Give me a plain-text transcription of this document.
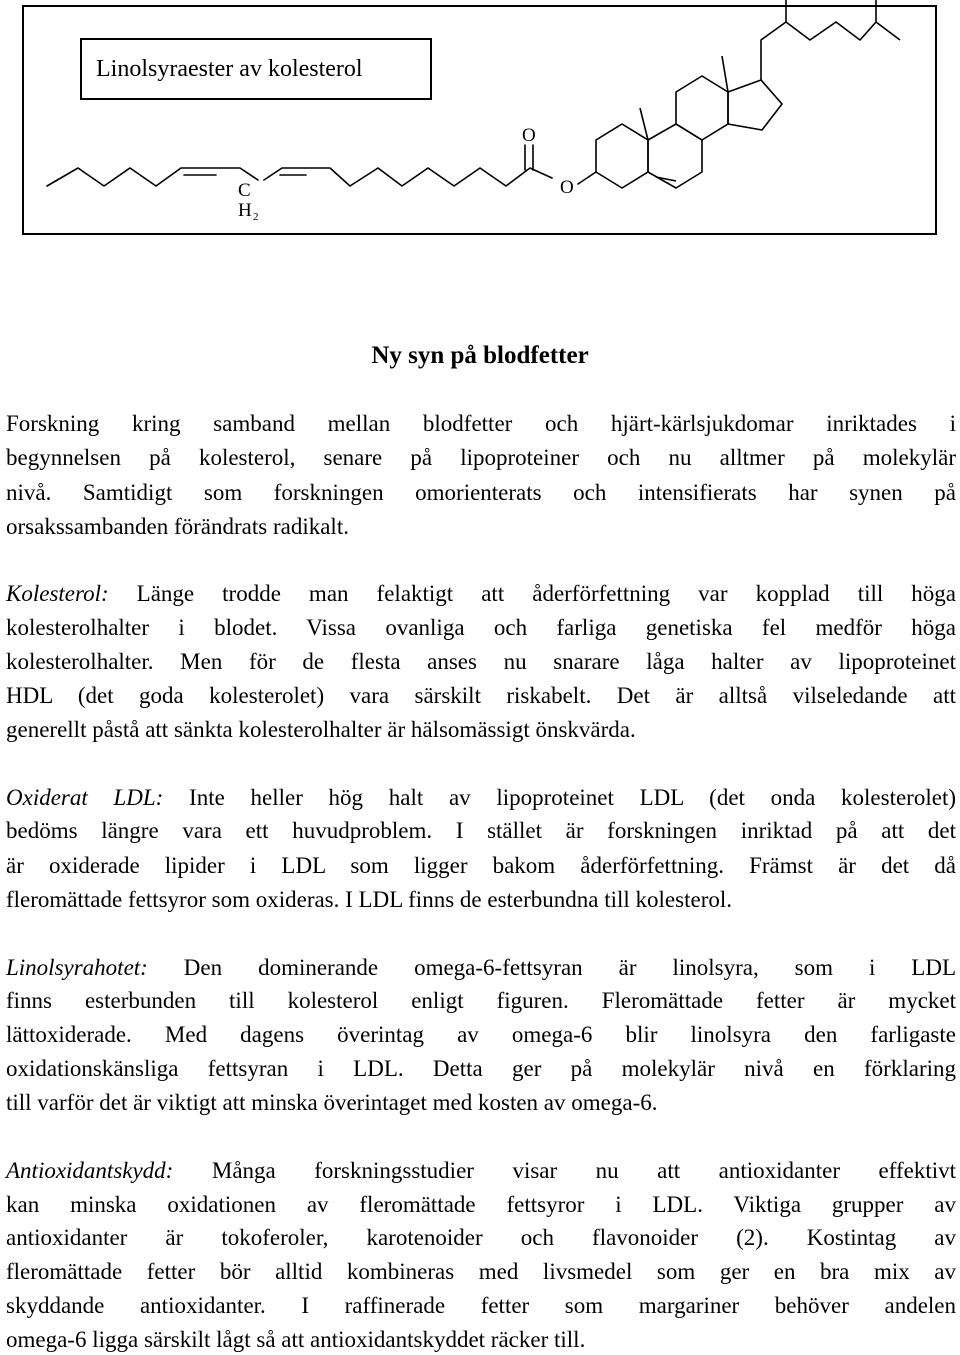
Linolsyraester av kolesterol
C
H 2
O
O
Ny syn på blodfetter
Forskning kring samband mellan blodfetter och hjärt-kärlsjukdomar inriktades i
begynnelsen på kolesterol, senare på lipoproteiner och nu alltmer på molekylär
nivå. Samtidigt som forskningen omorienterats och intensifierats har synen på
orsakssambanden förändrats radikalt.
Kolesterol: Länge trodde man felaktigt att åderförfettning var kopplad till höga
kolesterolhalter i blodet. Vissa ovanliga och farliga genetiska fel medför höga
kolesterolhalter. Men för de flesta anses nu snarare låga halter av lipoproteinet
HDL (det goda kolesterolet) vara särskilt riskabelt. Det är alltså vilseledande att
generellt påstå att sänkta kolesterolhalter är hälsomässigt önskvärda.
Oxiderat LDL: Inte heller hög halt av lipoproteinet LDL (det onda kolesterolet)
bedöms längre vara ett huvudproblem. I stället är forskningen inriktad på att det
är oxiderade lipider i LDL som ligger bakom åderförfettning. Främst är det då
fleromättade fettsyror som oxideras. I LDL finns de esterbundna till kolesterol.
Linolsyrahotet: Den dominerande omega-6-fettsyran är linolsyra, som i LDL
finns esterbunden till kolesterol enligt figuren. Fleromättade fetter är mycket
lättoxiderade. Med dagens överintag av omega-6 blir linolsyra den farligaste
oxidationskänsliga fettsyran i LDL. Detta ger på molekylär nivå en förklaring
till varför det är viktigt att minska överintaget med kosten av omega-6.
Antioxidantskydd: Många forskningsstudier visar nu att antioxidanter effektivt
kan minska oxidationen av fleromättade fettsyror i LDL. Viktiga grupper av
antioxidanter är tokoferoler, karotenoider och flavonoider (2). Kostintag av
fleromättade fetter bör alltid kombineras med livsmedel som ger en bra mix av
skyddande antioxidanter. I raffinerade fetter som margariner behöver andelen
omega-6 ligga särskilt lågt så att antioxidantskyddet räcker till.
